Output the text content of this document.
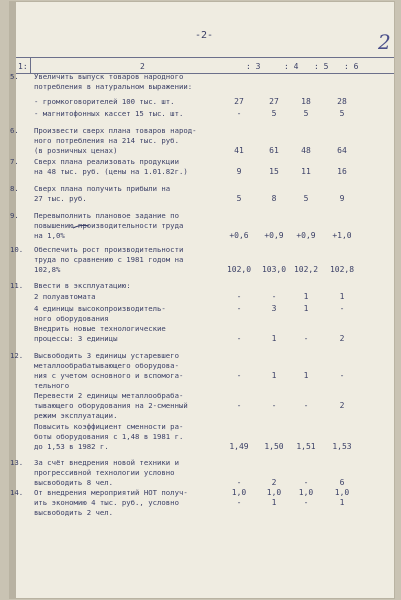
-2-	2
1:	2	: 3	: 4 : 5 : 6
5. Увеличить выпуск товаров народного
потребления в натуральном выражении:
- громкоговорителей 100 тыс. шт.	27	27	18	28
- магнитофонных кассет 15 тыс. шт.	-	5	5	5
6. Произвести сверх плана товаров народ-
ного потребления на 214 тыс. руб.
(в розничных ценах)	41	61	48	64
7. Сверх плана реализовать продукции
на 48 тыс. руб. (цены на 1.01.82г.)	9	15	11	16
8. Сверх плана получить прибыли на
27 тыс. руб.	5	8	5	9
9. Перевыполнить плановое задание по
повышению производительности труда
на 1,0%	+0,6	+0,9	+0,9	+1,0
10. Обеспечить рост производительности
труда по сравнению с 1981 годом на
102,8%	102,0	103,0 102,2	102,8
11. Ввести в эксплуатацию:
2 полуавтомата	-	-	1	1
4 единицы высокопроизводитель-
ного оборудования
-	3	1	-
Внедрить новые технологические
процессы: 3 единицы	-	1	-	2
12. Высвободить 3 единицы устаревшего
металлообрабатывающего оборудова-
ния с учетом основного и вспомога-
тельного
-	1	1	-
Перевести 2 единицы металлообраба-
тывающего оборудования на 2-сменный
режим эксплуатации.
-	-	-	2
Повысить коэффициент сменности ра-
боты оборудования с 1,48 в 1981 г.
до 1,53 в 1982 г.	1,49	1,50	1,51	1,53
13. За счёт внедрения новой техники и
прогрессивной технологии условно
высвободить 8 чел.	-	2	-	6
14. От внедрения мероприятий НОТ получ-
ить экономию 4 тыс. руб., условно
высвободить 2 чел.
1,0	1,0	1,0	1,0
-	1	-	1
